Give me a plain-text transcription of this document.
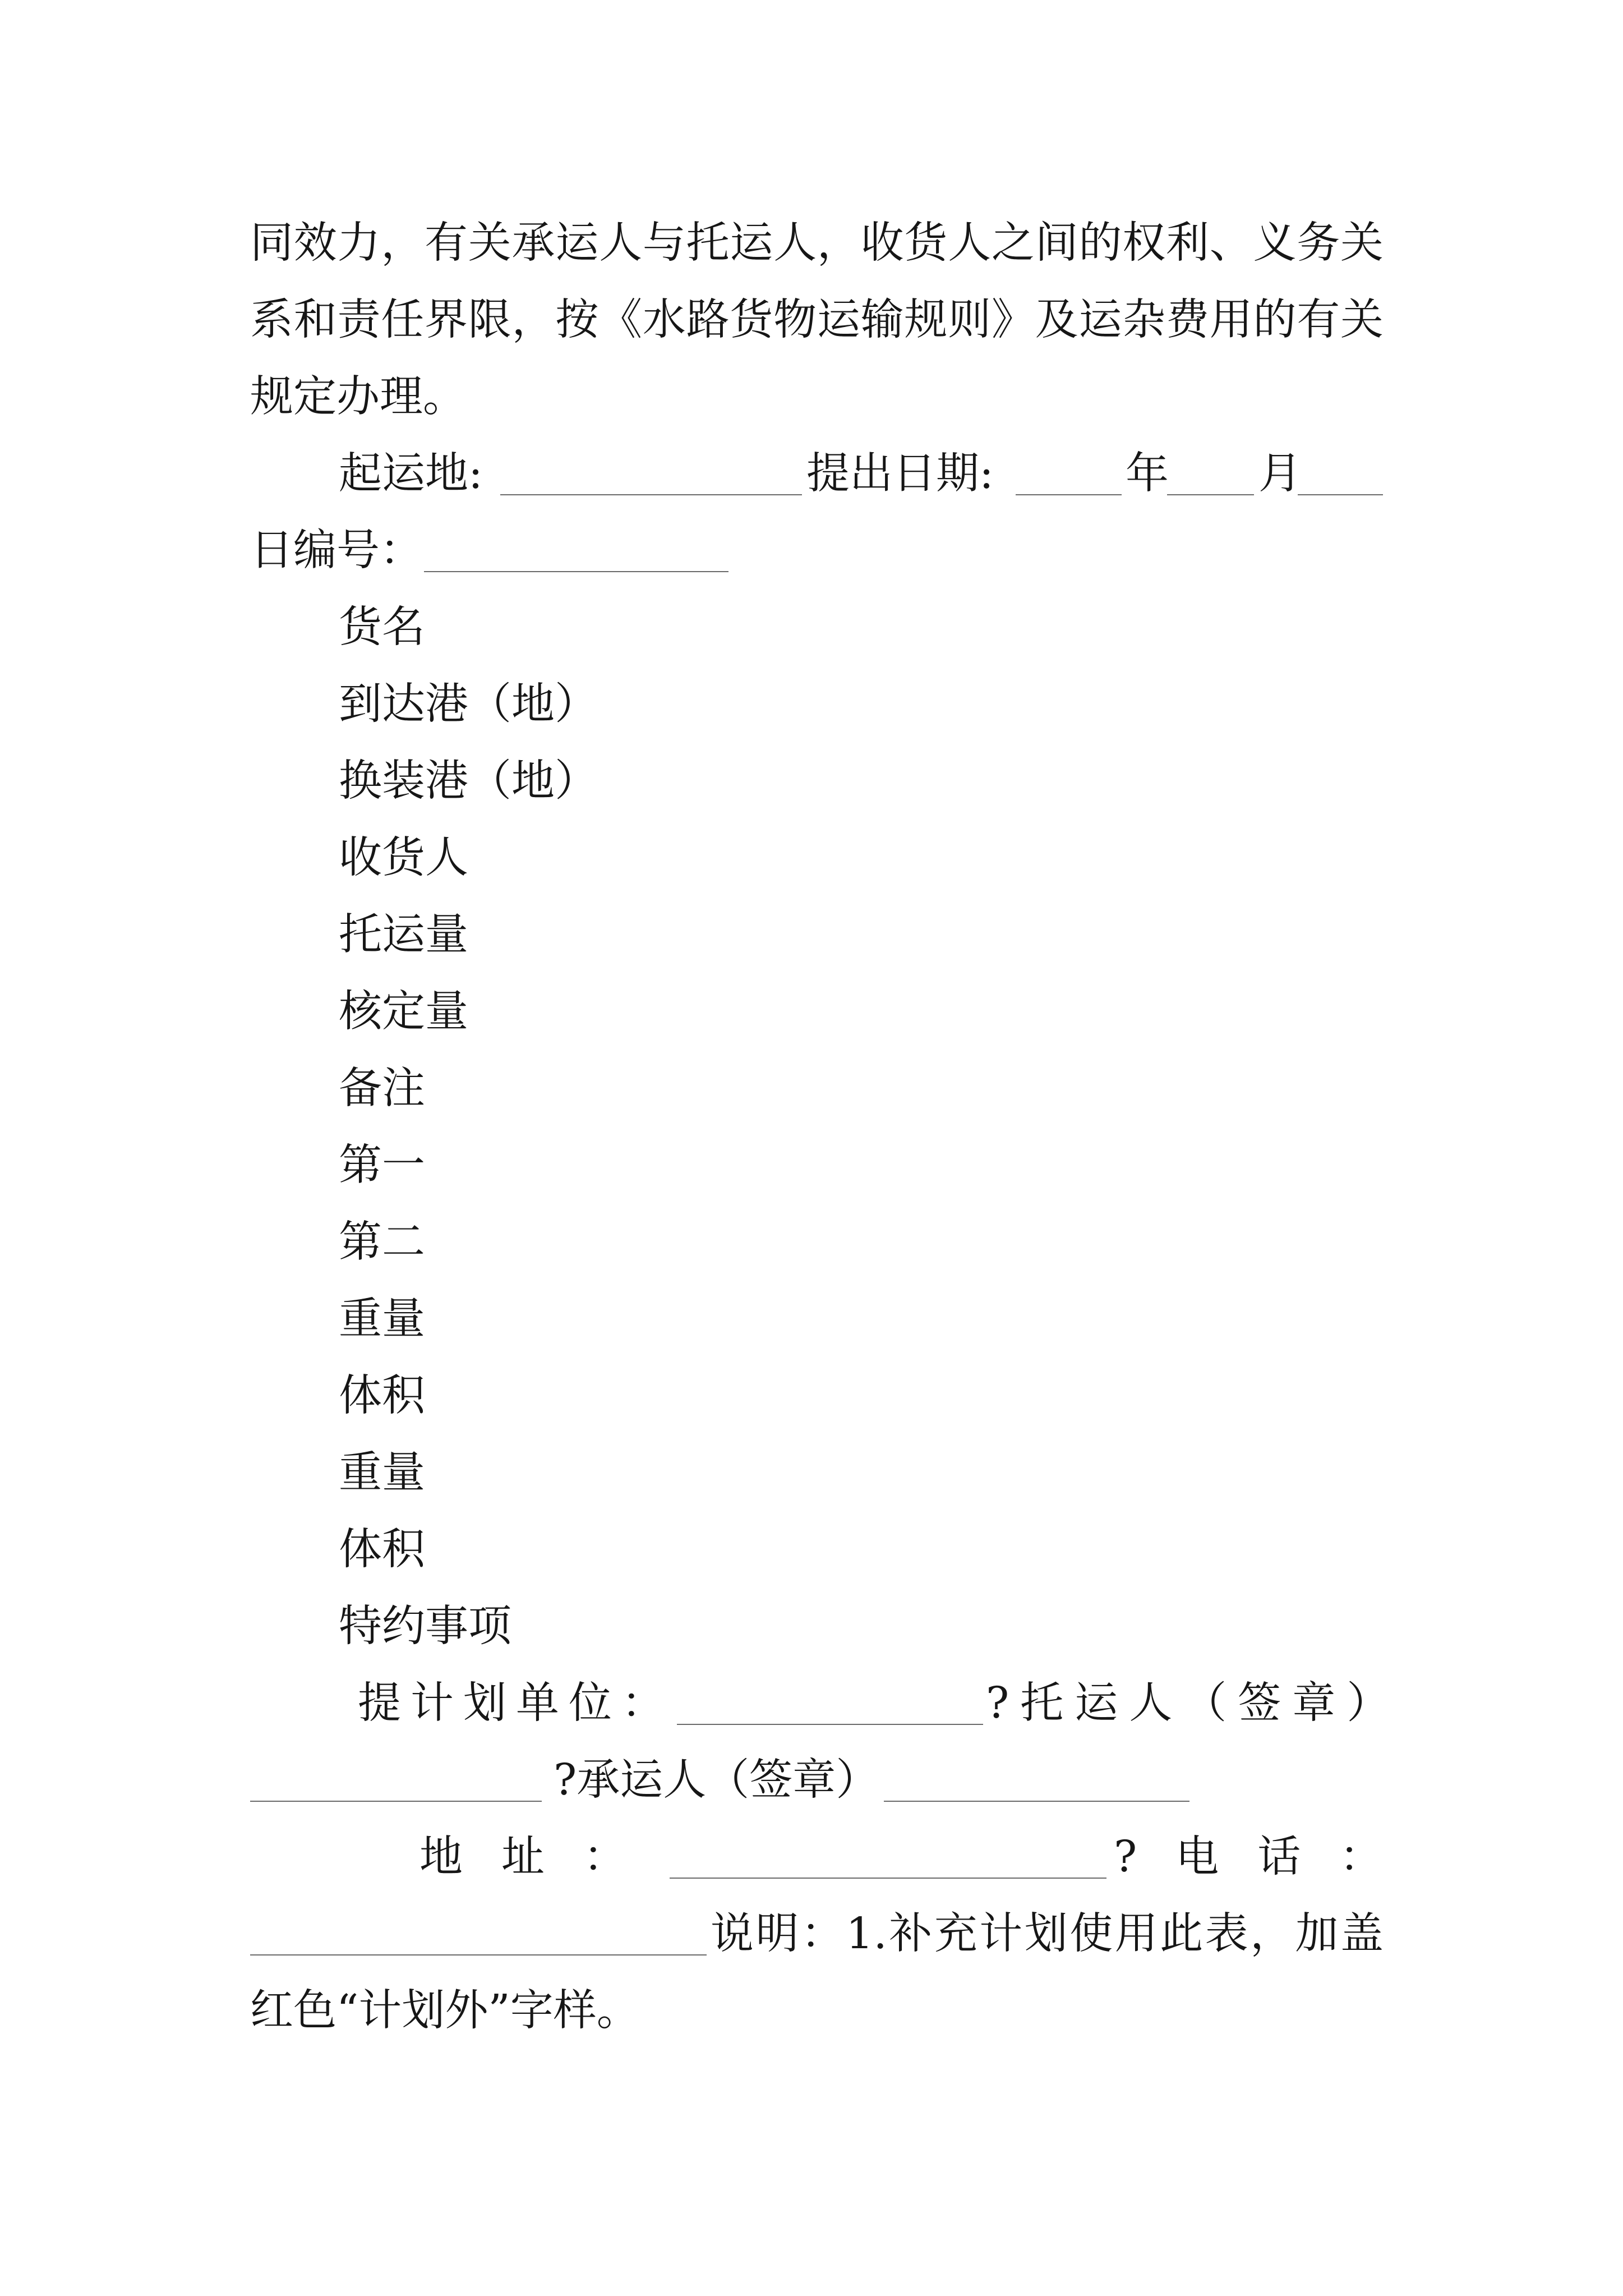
同效力，有关承运人与托运人，收货人之间的权利、义务关
系和责任界限，按《水路货物运输规则》及运杂费用的有关
规定办理。
起运地:	提出日期:	年 月
日编号：
货名
到达港（地）
换装港（地）
收货人
托运量
核定量
备注
第一
第二
重量
体积
重量
体积
特约事项
提计划单位：	?托运人（签章）
?承运人（签章）
地址：	?电话：
说明：1.补充计划使用此表，加盖
红色“计划外”字样。
